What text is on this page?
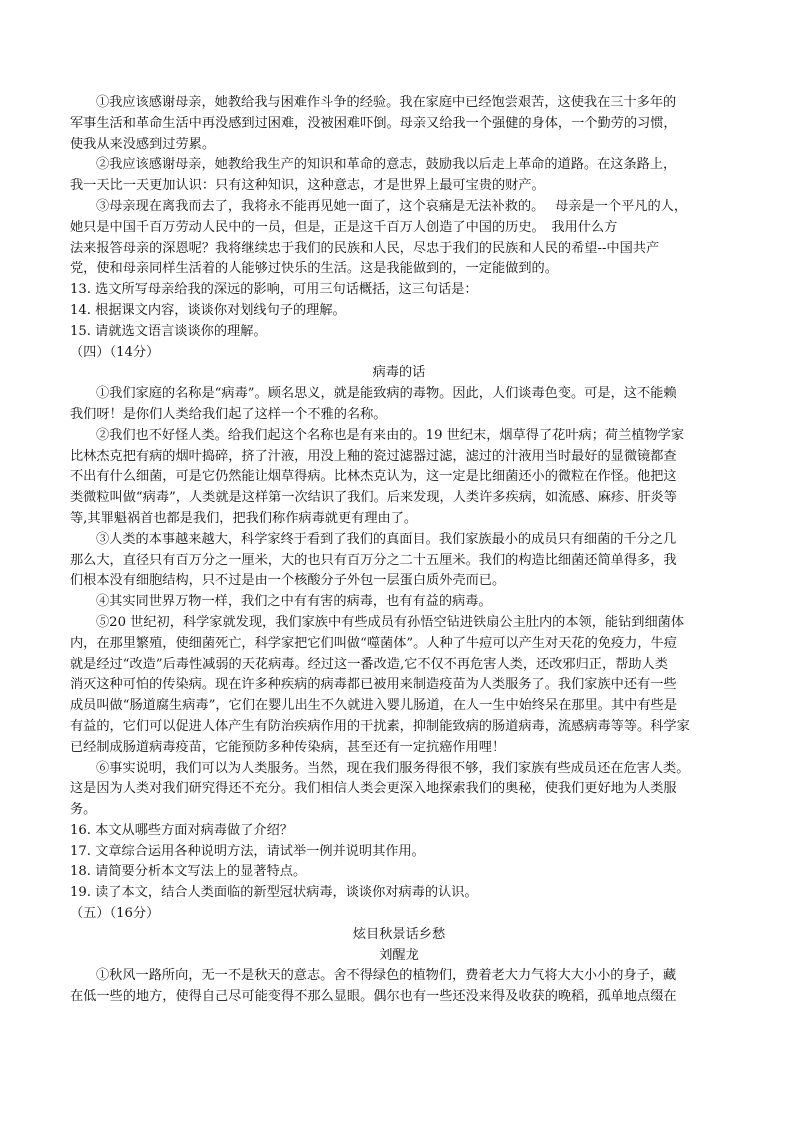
①我应该感谢母亲，她教给我与困难作斗争的经验。我在家庭中已经饱尝艰苦，这使我在三十多年的
军事生活和革命生活中再没感到过困难，没被困难吓倒。母亲又给我一个强健的身体，一个勤劳的习惯，
使我从来没感到过劳累。
②我应该感谢母亲，她教给我生产的知识和革命的意志，鼓励我以后走上革命的道路。在这条路上，
我一天比一天更加认识：只有这种知识，这种意志，才是世界上最可宝贵的财产。
③母亲现在离我而去了，我将永不能再见她一面了，这个哀痛是无法补救的。　 母亲是一个平凡的人，
她只是中国千百万劳动人民中的一员，但是，正是这千百万人创造了中国的历史。　我用什么方
法来报答母亲的深恩呢？我将继续忠于我们的民族和人民，尽忠于我们的民族和人民的希望--中国共产
党，使和母亲同样生活着的人能够过快乐的生活。这是我能做到的，一定能做到的。
13. 选文所写母亲给我的深远的影响，可用三句话概括，这三句话是：
14. 根据课文内容，谈谈你对划线句子的理解。
15. 请就选文语言谈谈你的理解。
（四）（14分）
病毒的话
①我们家庭的名称是“病毒”。顾名思义，就是能致病的毒物。因此，人们谈毒色变。可是，这不能赖
我们呀！是你们人类给我们起了这样一个不雅的名称。
②我们也不好怪人类。给我们起这个名称也是有来由的。19 世纪末，烟草得了花叶病；荷兰植物学家
比林杰克把有病的烟叶捣碎，挤了汁液，用没上釉的瓷过滤器过滤，滤过的汁液用当时最好的显微镜都查
不出有什么细菌，可是它仍然能让烟草得病。比林杰克认为，这一定是比细菌还小的微粒在作怪。他把这
类微粒叫做“病毒”，人类就是这样第一次结识了我们。后来发现，人类许多疾病，如流感、麻疹、肝炎等
等,其罪魁祸首也都是我们，把我们称作病毒就更有理由了。
③人类的本事越来越大，科学家终于看到了我们的真面目。我们家族最小的成员只有细菌的千分之几
那么大，直径只有百万分之一厘米，大的也只有百万分之二十五厘米。我们的构造比细菌还简单得多，我
们根本没有细胞结构，只不过是由一个核酸分子外包一层蛋白质外壳而已。
④其实同世界万物一样，我们之中有有害的病毒，也有有益的病毒。
⑤20 世纪初，科学家就发现，我们家族中有些成员有孙悟空钻进铁扇公主肚内的本领，能钻到细菌体
内，在那里繁殖，使细菌死亡，科学家把它们叫做“噬菌体”。人种了牛痘可以产生对天花的免疫力，牛痘
就是经过“改造”后毒性减弱的天花病毒。经过这一番改造,它不仅不再危害人类，还改邪归正，帮助人类
消灭这种可怕的传染病。现在许多种疾病的病毒都已被用来制造疫苗为人类服务了。我们家族中还有一些
成员叫做“肠道腐生病毒”，它们在婴儿出生不久就进入婴儿肠道，在人一生中始终呆在那里。其中有些是
有益的，它们可以促进人体产生有防治疾病作用的干扰素，抑制能致病的肠道病毒，流感病毒等等。科学家
已经制成肠道病毒疫苗，它能预防多种传染病，甚至还有一定抗癌作用哩！
⑥事实说明，我们可以为人类服务。当然，现在我们服务得很不够，我们家族有些成员还在危害人类。
这是因为人类对我们研究得还不充分。我们相信人类会更深入地探索我们的奥秘，使我们更好地为人类服
务。
16. 本文从哪些方面对病毒做了介绍？
17. 文章综合运用各种说明方法，请试举一例并说明其作用。
18. 请简要分析本文写法上的显著特点。
19. 读了本文，结合人类面临的新型冠状病毒，谈谈你对病毒的认识。
（五）（16分）
炫目秋景话乡愁
刘醒龙
①秋风一路所向，无一不是秋天的意志。舍不得绿色的植物们，费着老大力气将大大小小的身子，藏
在低一些的地方，使得自己尽可能变得不那么显眼。偶尔也有一些还没来得及收获的晚稻，孤单地点缀在
